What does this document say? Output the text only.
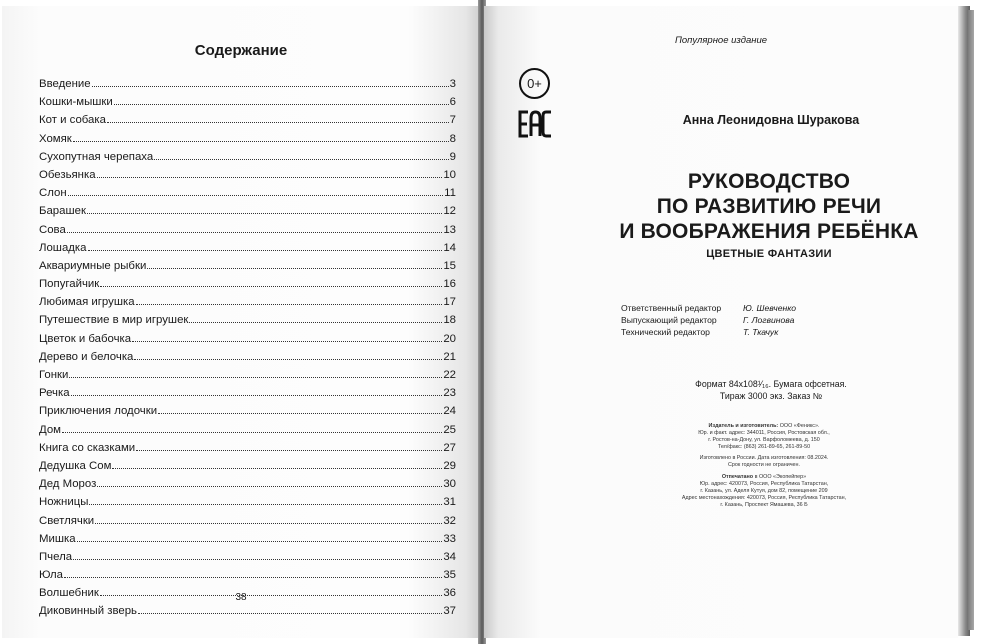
Содержание
Введение	3
Кошки-мышки	6
Кот и собака	7
Хомяк	8
Сухопутная черепаха	9
Обезьянка	10
Слон	11
Барашек	12
Сова	13
Лошадка	14
Аквариумные рыбки	15
Попугайчик	16
Любимая игрушка	17
Путешествие в мир игрушек	18
Цветок и бабочка	20
Дерево и белочка	21
Гонки	22
Речка	23
Приключения лодочки	24
Дом	25
Книга со сказками	27
Дедушка Сом	29
Дед Мороз	30
Ножницы	31
Светлячки	32
Мишка	33
Пчела	34
Юла	35
Волшебник	36
Диковинный зверь	37
38
Популярное издание
0+
Анна Леонидовна Шуракова
РУКОВОДСТВО
ПО РАЗВИТИЮ РЕЧИ
И ВООБРАЖЕНИЯ РЕБЁНКА
ЦВЕТНЫЕ ФАНТАЗИИ
Ответственный редактор	Ю. Шевченко
Выпускающий редактор	Г. Логвинова
Технический редактор	Т. Ткачук
Формат 84х108¹⁄₁₆. Бумага офсетная.
Тираж 3000 экз. Заказ №
Издатель и изготовитель: ООО «Феникс».
Юр. и факт. адрес: 344011, Россия, Ростовская обл.,
г. Ростов-на-Дону, ул. Варфоломеева, д. 150
Тел/факс: (863) 261-89-65, 261-89-50
Изготовлено в России. Дата изготовления: 08.2024.
Срок годности не ограничен.
Отпечатано в ООО «Экопейпер»
Юр. адрес: 420073, Россия, Республика Татарстан,
г. Казань, ул. Аделя Кутуя, дом 82, помещение 209
Адрес местонахождения: 420073, Россия, Республика Татарстан,
г. Казань, Проспект Ямашева, 36 Б
